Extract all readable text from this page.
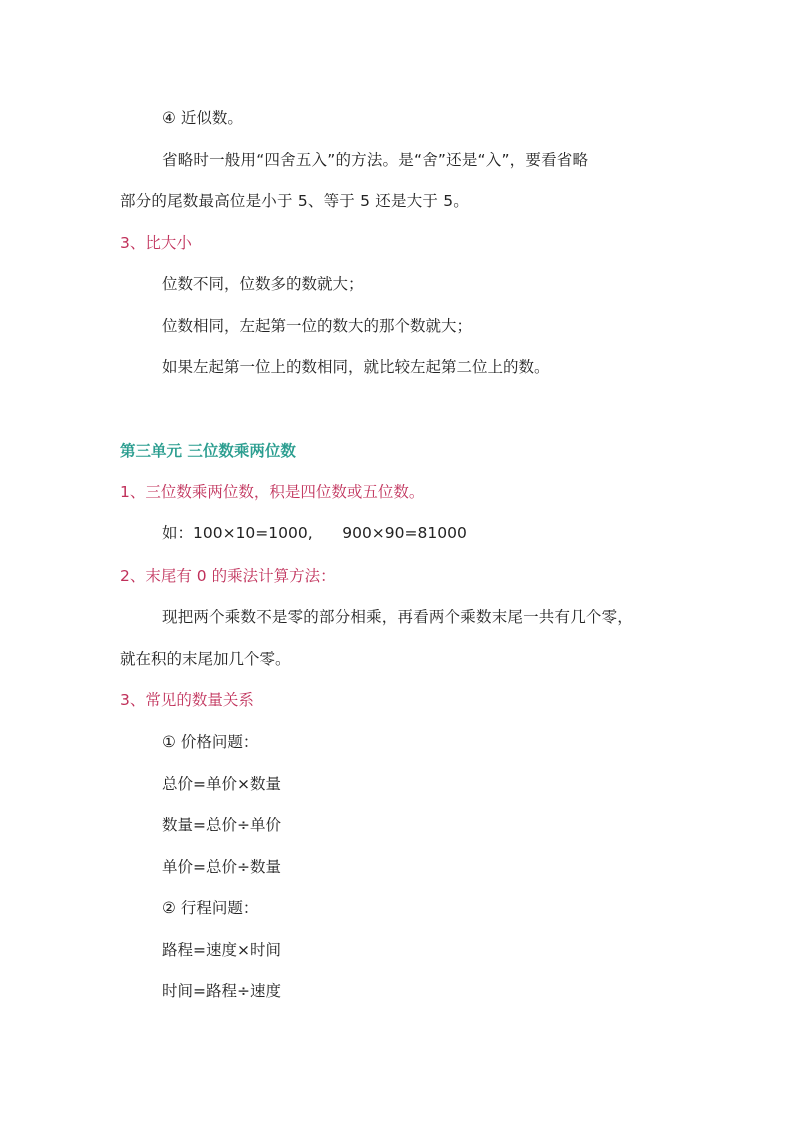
④ 近似数。
省略时一般用“四舍五入”的方法。是“舍”还是“入”，要看省略
部分的尾数最高位是小于 5、等于 5 还是大于 5。
3、比大小
位数不同，位数多的数就大；
位数相同，左起第一位的数大的那个数就大；
如果左起第一位上的数相同，就比较左起第二位上的数。
第三单元 三位数乘两位数
1、三位数乘两位数，积是四位数或五位数。
如：100×10=1000,      900×90=81000
2、末尾有 0 的乘法计算方法：
现把两个乘数不是零的部分相乘，再看两个乘数末尾一共有几个零，
就在积的末尾加几个零。
3、常见的数量关系
① 价格问题：
总价=单价×数量
数量=总价÷单价
单价=总价÷数量
② 行程问题：
路程=速度×时间
时间=路程÷速度
